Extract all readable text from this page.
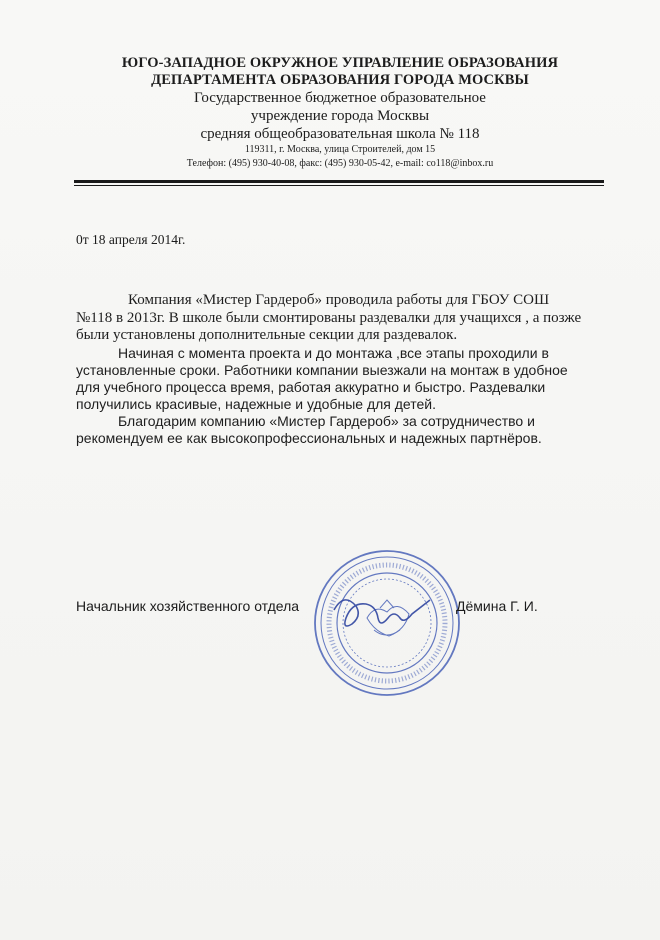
ЮГО-ЗАПАДНОЕ ОКРУЖНОЕ УПРАВЛЕНИЕ ОБРАЗОВАНИЯ
ДЕПАРТАМЕНТА ОБРАЗОВАНИЯ ГОРОДА МОСКВЫ
Государственное бюджетное образовательное
учреждение города Москвы
средняя общеобразовательная школа № 118
119311, г. Москва, улица Строителей, дом 15
Телефон: (495) 930-40-08, факс: (495) 930-05-42, e-mail: co118@inbox.ru
0т 18 апреля 2014г.

Компания «Мистер Гардероб» проводила работы для ГБОУ СОШ №118 в 2013г. В школе были смонтированы раздевалки для учащихся , а позже были установлены дополнительные секции для раздевалок.

Начиная с момента проекта и до монтажа ,все этапы проходили в установленные сроки. Работники компании выезжали на монтаж в удобное для учебного процесса время, работая аккуратно и быстро. Раздевалки получились красивые, надежные и удобные для детей.

Благодарим компанию «Мистер Гардероб» за сотрудничество и рекомендуем ее как высокопрофессиональных и надежных партнёров.

Начальник хозяйственного отдела	Дёмина Г. И.
